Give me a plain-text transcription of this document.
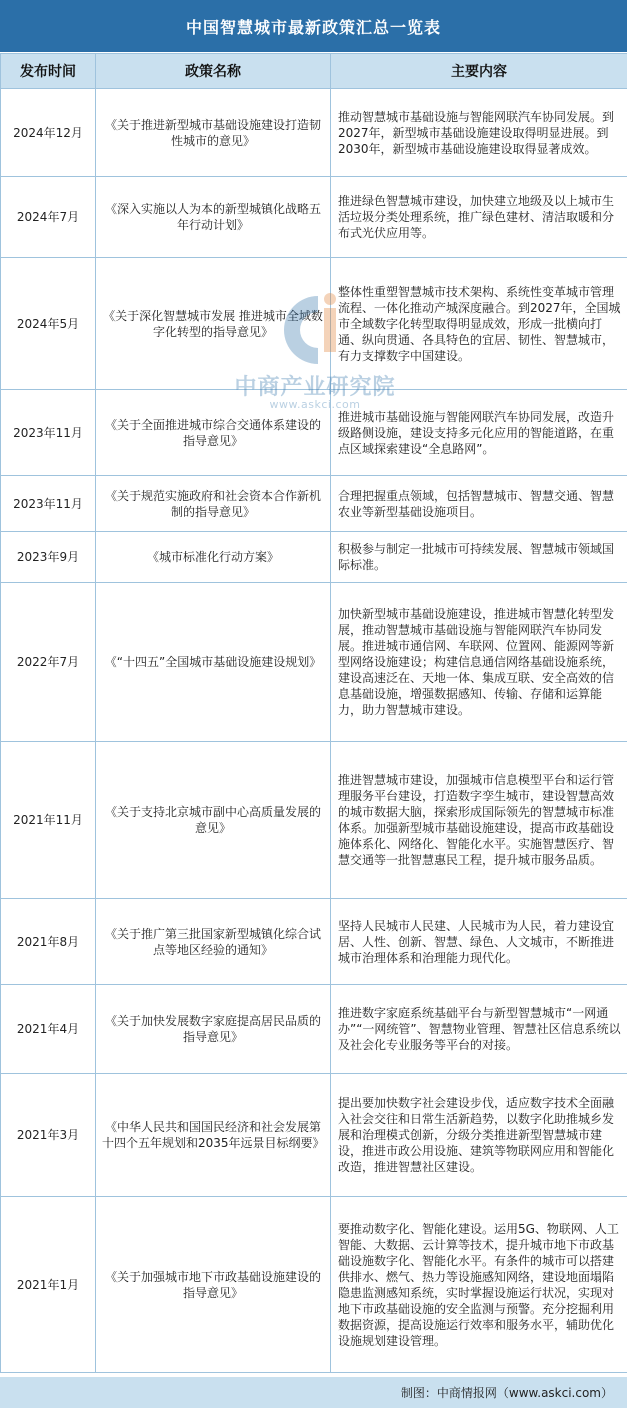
中国智慧城市最新政策汇总一览表
发布时间	政策名称	主要内容
2024年12月	《关于推进新型城市基础设施建设打造韧性城市的意见》	推动智慧城市基础设施与智能网联汽车协同发展。到2027年，新型城市基础设施建设取得明显进展。到2030年，新型城市基础设施建设取得显著成效。
2024年7月	《深入实施以人为本的新型城镇化战略五年行动计划》	推进绿色智慧城市建设，加快建立地级及以上城市生活垃圾分类处理系统，推广绿色建材、清洁取暖和分布式光伏应用等。
2024年5月	《关于深化智慧城市发展 推进城市全域数字化转型的指导意见》	整体性重塑智慧城市技术架构、系统性变革城市管理流程、一体化推动产城深度融合。到2027年，全国城市全域数字化转型取得明显成效，形成一批横向打通、纵向贯通、各具特色的宜居、韧性、智慧城市，有力支撑数字中国建设。
2023年11月	《关于全面推进城市综合交通体系建设的指导意见》	推进城市基础设施与智能网联汽车协同发展，改造升级路侧设施，建设支持多元化应用的智能道路，在重点区域探索建设“全息路网”。
2023年11月	《关于规范实施政府和社会资本合作新机制的指导意见》	合理把握重点领域，包括智慧城市、智慧交通、智慧农业等新型基础设施项目。
2023年9月	《城市标准化行动方案》	积极参与制定一批城市可持续发展、智慧城市领域国际标准。
2022年7月	《“十四五”全国城市基础设施建设规划》	加快新型城市基础设施建设，推进城市智慧化转型发展，推动智慧城市基础设施与智能网联汽车协同发展。推进城市通信网、车联网、位置网、能源网等新型网络设施建设；构建信息通信网络基础设施系统，建设高速泛在、天地一体、集成互联、安全高效的信息基础设施，增强数据感知、传输、存储和运算能力，助力智慧城市建设。
2021年11月	《关于支持北京城市副中心高质量发展的意见》	推进智慧城市建设，加强城市信息模型平台和运行管理服务平台建设，打造数字孪生城市，建设智慧高效的城市数据大脑，探索形成国际领先的智慧城市标准体系。加强新型城市基础设施建设，提高市政基础设施体系化、网络化、智能化水平。实施智慧医疗、智慧交通等一批智慧惠民工程，提升城市服务品质。
2021年8月	《关于推广第三批国家新型城镇化综合试点等地区经验的通知》	坚持人民城市人民建、人民城市为人民，着力建设宜居、人性、创新、智慧、绿色、人文城市，不断推进城市治理体系和治理能力现代化。
2021年4月	《关于加快发展数字家庭提高居民品质的指导意见》	推进数字家庭系统基础平台与新型智慧城市“一网通办”“一网统管”、智慧物业管理、智慧社区信息系统以及社会化专业服务等平台的对接。
2021年3月	《中华人民共和国国民经济和社会发展第十四个五年规划和2035年远景目标纲要》	提出要加快数字社会建设步伐，适应数字技术全面融入社会交往和日常生活新趋势，以数字化助推城乡发展和治理模式创新，分级分类推进新型智慧城市建设，推进市政公用设施、建筑等物联网应用和智能化改造，推进智慧社区建设。
2021年1月	《关于加强城市地下市政基础设施建设的指导意见》	要推动数字化、智能化建设。运用5G、物联网、人工智能、大数据、云计算等技术，提升城市地下市政基础设施数字化、智能化水平。有条件的城市可以搭建供排水、燃气、热力等设施感知网络，建设地面塌陷隐患监测感知系统，实时掌握设施运行状况，实现对地下市政基础设施的安全监测与预警。充分挖掘利用数据资源，提高设施运行效率和服务水平，辅助优化设施规划建设管理。
中商产业研究院
www.askci.com
制图：中商情报网（www.askci.com）
